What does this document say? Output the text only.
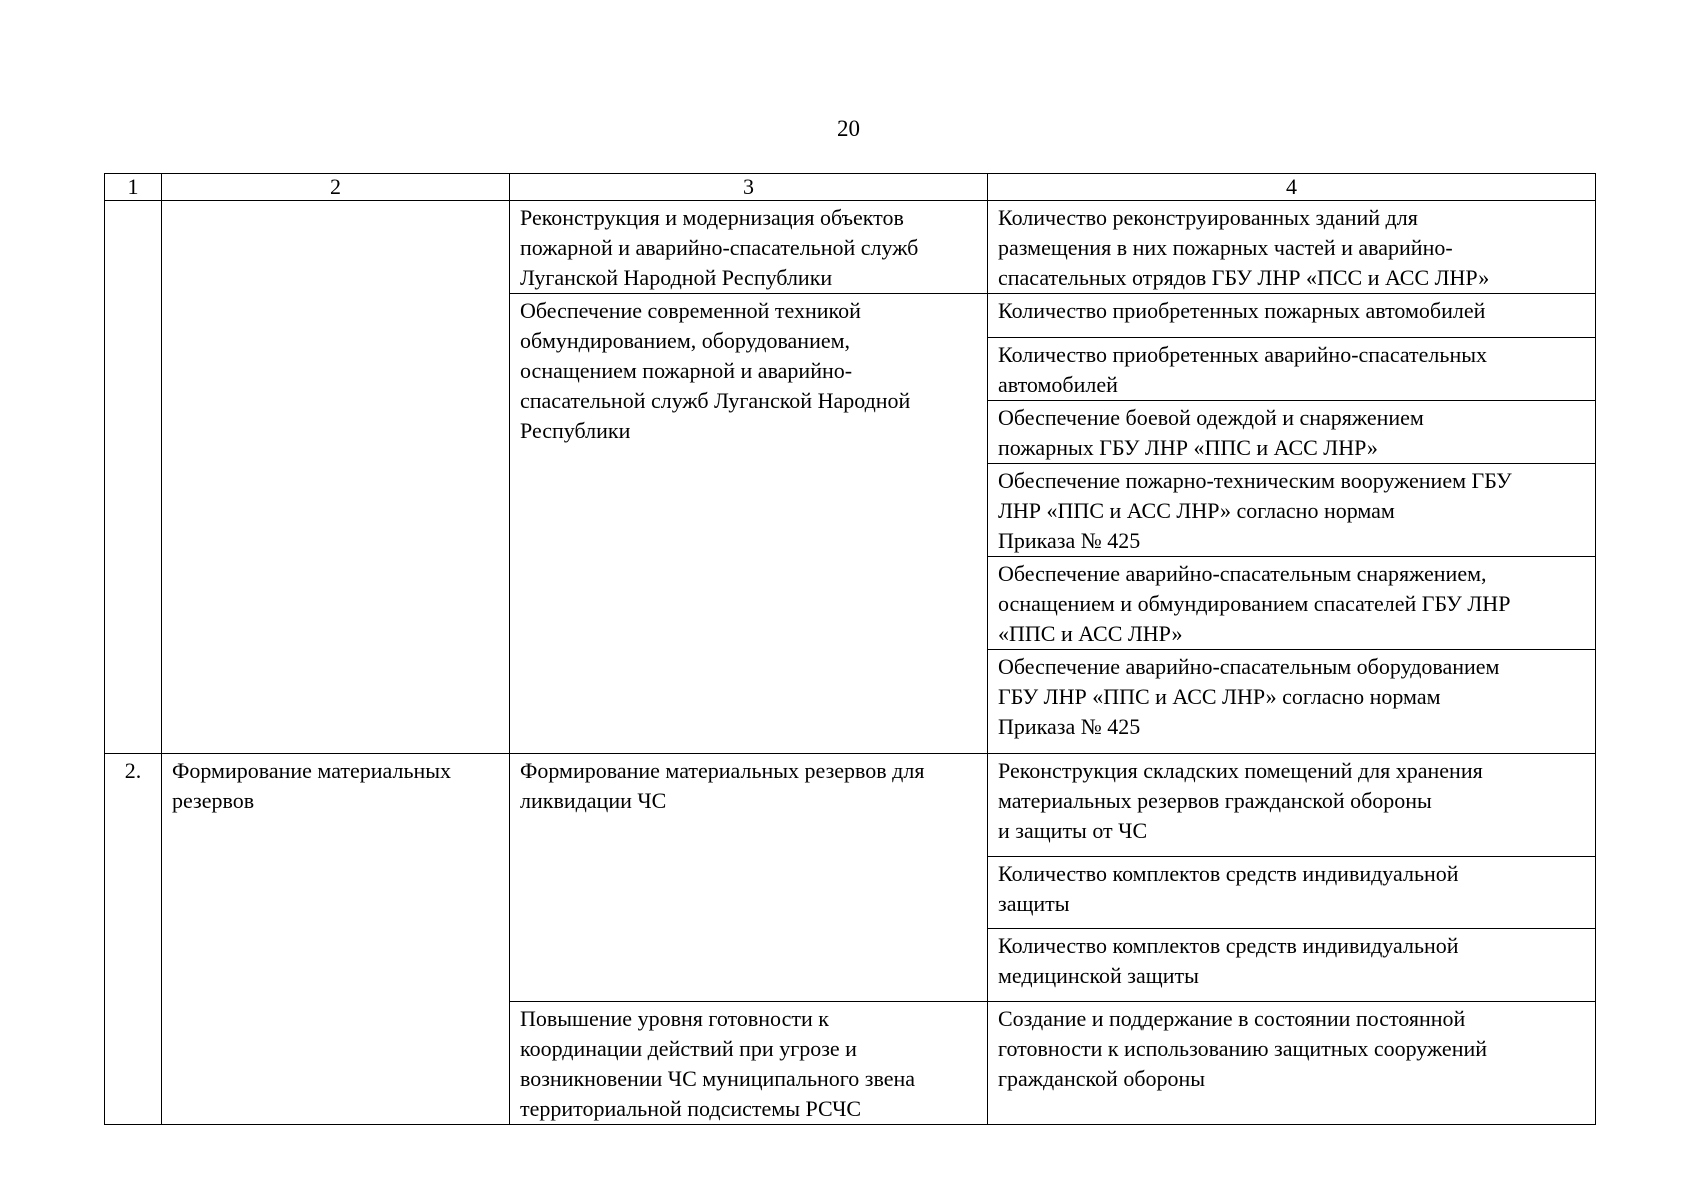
20
1	2	3	4

		Реконструкция и модернизация объектов
пожарной и аварийно-спасательной служб
Луганской Народной Республики	Количество реконструированных зданий для
размещения в них пожарных частей и аварийно-
спасательных отрядов ГБУ ЛНР «ПСС и АСС ЛНР»

		Обеспечение современной техникой
обмундированием, оборудованием,
оснащением пожарной и аварийно-
спасательной служб Луганской Народной
Республики	Количество приобретенных пожарных автомобилей

			Количество приобретенных аварийно-спасательных
автомобилей

			Обеспечение боевой одеждой и снаряжением
пожарных ГБУ ЛНР «ППС и АСС ЛНР»

			Обеспечение пожарно-техническим вооружением ГБУ
ЛНР «ППС и АСС ЛНР» согласно нормам
Приказа № 425

			Обеспечение аварийно-спасательным снаряжением,
оснащением и обмундированием спасателей ГБУ ЛНР
«ППС и АСС ЛНР»

			Обеспечение аварийно-спасательным оборудованием
ГБУ ЛНР «ППС и АСС ЛНР» согласно нормам
Приказа № 425

2.	Формирование материальных
резервов	Формирование материальных резервов для
ликвидации ЧС	Реконструкция складских помещений для хранения
материальных резервов гражданской обороны
и защиты от ЧС

			Количество комплектов средств индивидуальной
защиты

			Количество комплектов средств индивидуальной
медицинской защиты

		Повышение уровня готовности к
координации действий при угрозе и
возникновении ЧС муниципального звена
территориальной подсистемы РСЧС	Создание и поддержание в состоянии постоянной
готовности к использованию защитных сооружений
гражданской обороны
